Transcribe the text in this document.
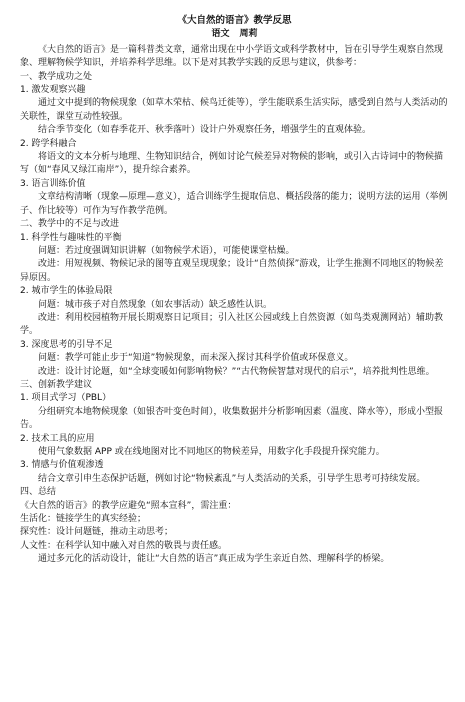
《大自然的语言》教学反思

语文 周莉

《大自然的语言》是一篇科普类文章，通常出现在中小学语文或科学教材中，旨在引导学生观察自然现象、理解物候学知识，并培养科学思维。以下是对其教学实践的反思与建议，供参考：

一、教学成功之处

1. 激发观察兴趣

通过文中提到的物候现象（如草木荣枯、候鸟迁徙等），学生能联系生活实际，感受到自然与人类活动的关联性，课堂互动性较强。

结合季节变化（如春季花开、秋季落叶）设计户外观察任务，增强学生的直观体验。

2. 跨学科融合

将语文的文本分析与地理、生物知识结合，例如讨论气候差异对物候的影响，或引入古诗词中的物候描写（如“春风又绿江南岸”），提升综合素养。

3. 语言训练价值

文章结构清晰（现象—原理—意义），适合训练学生提取信息、概括段落的能力；说明方法的运用（举例子、作比较等）可作为写作教学范例。

二、教学中的不足与改进

1. 科学性与趣味性的平衡

问题：若过度强调知识讲解（如物候学术语），可能使课堂枯燥。

改进：用短视频、物候记录的图等直观呈现现象；设计“自然侦探”游戏，让学生推测不同地区的物候差异原因。

2. 城市学生的体验局限

问题：城市孩子对自然现象（如农事活动）缺乏感性认识。

改进：利用校园植物开展长期观察日记项目；引入社区公园或线上自然资源（如鸟类观测网站）辅助教学。

3. 深度思考的引导不足

问题：教学可能止步于“知道”物候现象，而未深入探讨其科学价值或环保意义。

改进：设计讨论题，如“全球变暖如何影响物候？”“古代物候智慧对现代的启示”，培养批判性思维。

三、创新教学建议

1. 项目式学习（PBL）

分组研究本地物候现象（如银杏叶变色时间），收集数据并分析影响因素（温度、降水等），形成小型报告。

2. 技术工具的应用

使用气象数据 APP 或在线地图对比不同地区的物候差异，用数字化手段提升探究能力。

3. 情感与价值观渗透

结合文章引申生态保护话题，例如讨论“物候紊乱”与人类活动的关系，引导学生思考可持续发展。

四、总结

《大自然的语言》的教学应避免“照本宣科”，需注重：

生活化：链接学生的真实经验；

探究性：设计问题链，推动主动思考；

人文性：在科学认知中融入对自然的敬畏与责任感。

通过多元化的活动设计，能让“大自然的语言”真正成为学生亲近自然、理解科学的桥梁。
